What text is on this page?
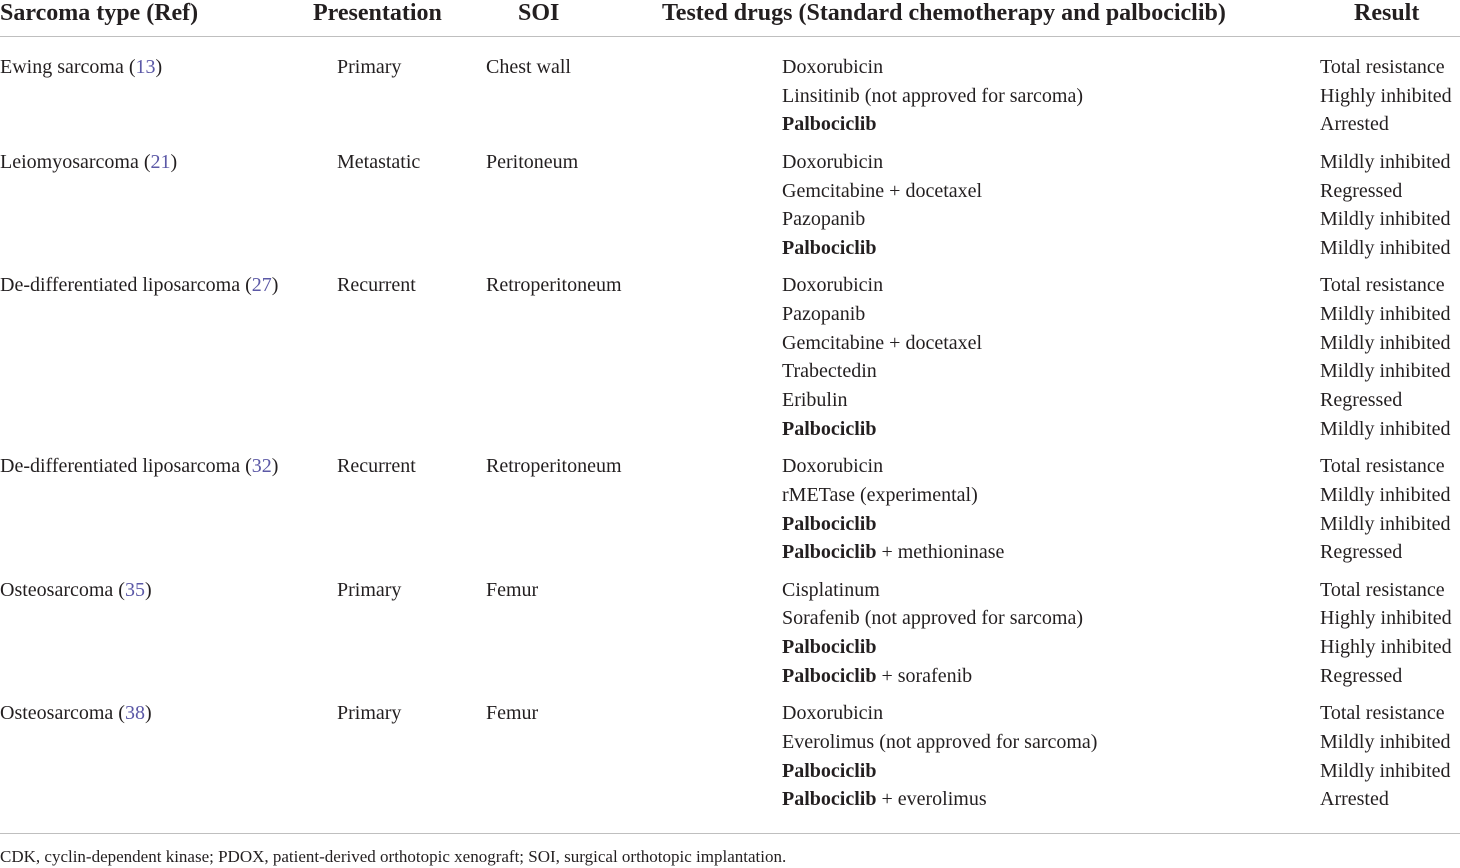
Sarcoma type (Ref)	Presentation	SOI	Tested drugs (Standard chemotherapy and palbociclib)	Result
Ewing sarcoma (13)	Primary	Chest wall	Doxorubicin	Total resistance
Linsitinib (not approved for sarcoma)	Highly inhibited
Palbociclib	Arrested
Leiomyosarcoma (21)	Metastatic	Peritoneum	Doxorubicin	Mildly inhibited
Gemcitabine + docetaxel	Regressed
Pazopanib	Mildly inhibited
Palbociclib	Mildly inhibited
De-differentiated liposarcoma (27)	Recurrent	Retroperitoneum	Doxorubicin	Total resistance
Pazopanib	Mildly inhibited
Gemcitabine + docetaxel	Mildly inhibited
Trabectedin	Mildly inhibited
Eribulin	Regressed
Palbociclib	Mildly inhibited
De-differentiated liposarcoma (32)	Recurrent	Retroperitoneum	Doxorubicin	Total resistance
rMETase (experimental)	Mildly inhibited
Palbociclib	Mildly inhibited
Palbociclib + methioninase	Regressed
Osteosarcoma (35)	Primary	Femur	Cisplatinum	Total resistance
Sorafenib (not approved for sarcoma)	Highly inhibited
Palbociclib	Highly inhibited
Palbociclib + sorafenib	Regressed
Osteosarcoma (38)	Primary	Femur	Doxorubicin	Total resistance
Everolimus (not approved for sarcoma)	Mildly inhibited
Palbociclib	Mildly inhibited
Palbociclib + everolimus	Arrested
CDK, cyclin-dependent kinase; PDOX, patient-derived orthotopic xenograft; SOI, surgical orthotopic implantation.
